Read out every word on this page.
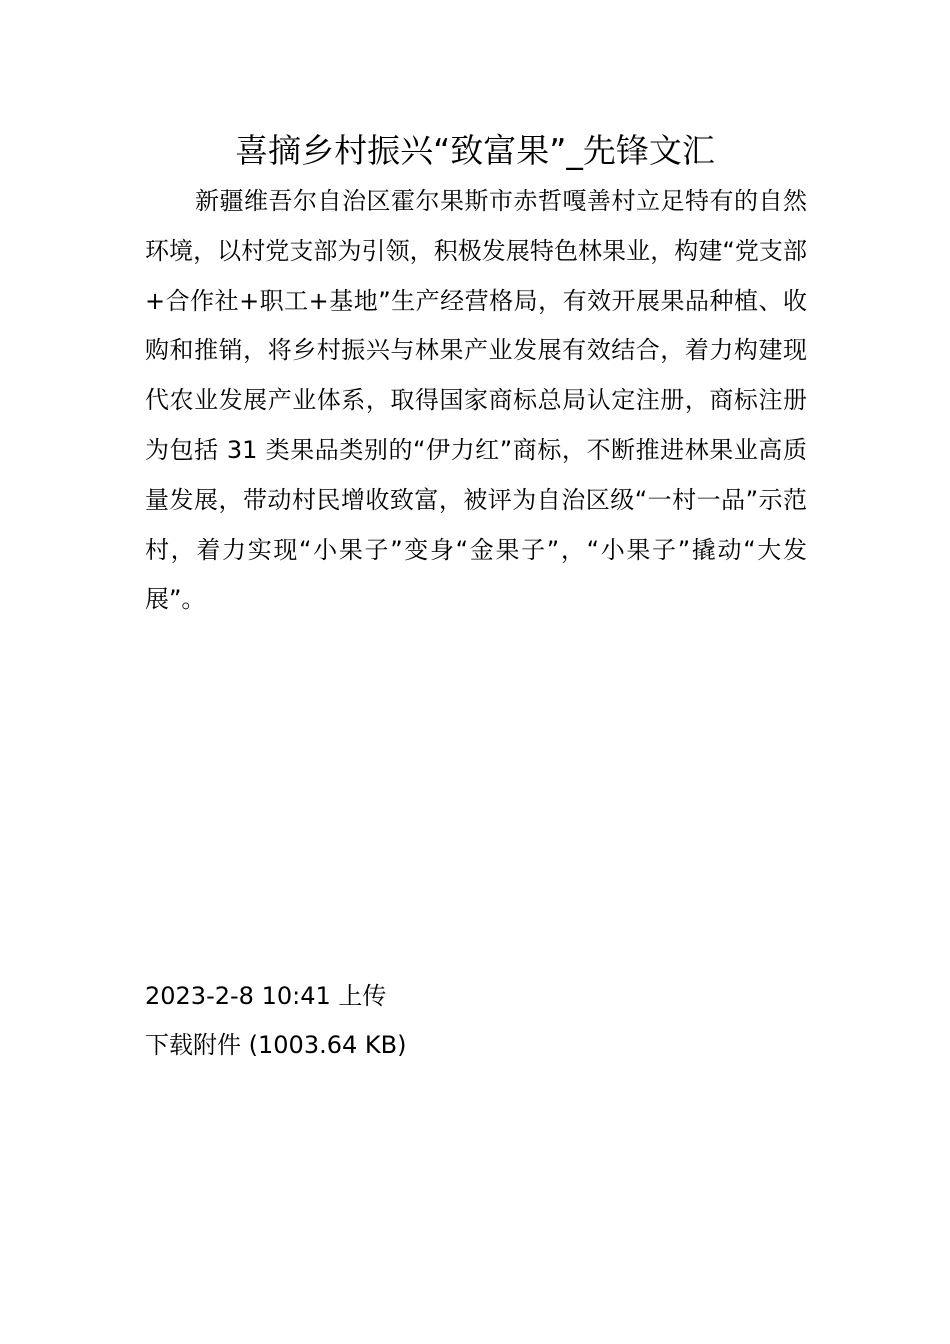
喜摘乡村振兴“致富果”_先锋文汇

新疆维吾尔自治区霍尔果斯市赤哲嘎善村立足特有的自然环境，以村党支部为引领，积极发展特色林果业，构建“党支部+合作社+职工+基地”生产经营格局，有效开展果品种植、收购和推销，将乡村振兴与林果产业发展有效结合，着力构建现代农业发展产业体系，取得国家商标总局认定注册，商标注册为包括 31 类果品类别的“伊力红”商标，不断推进林果业高质量发展，带动村民增收致富，被评为自治区级“一村一品”示范村，着力实现“小果子”变身“金果子”，“小果子”撬动“大发展”。

2023-2-8 10:41 上传
下载附件 (1003.64 KB)
